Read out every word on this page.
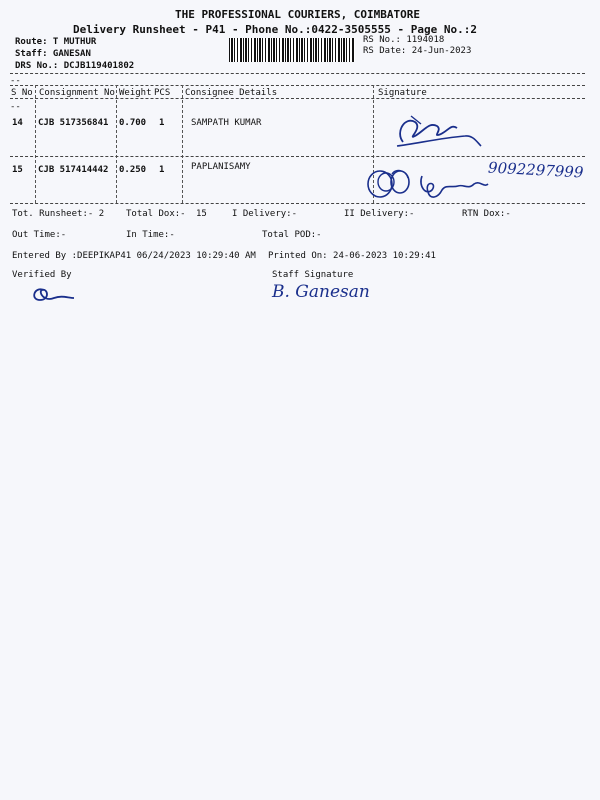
THE PROFESSIONAL COURIERS, COIMBATORE
Delivery Runsheet - P41 - Phone No.:0422-3505555 - Page No.:2
Route: T MUTHUR
Staff: GANESAN
DRS No.: DCJB119401802
RS No.: 1194018
RS Date: 24-Jun-2023
--
S No Consignment No Weight PCS Consignee Details	Signature
--
14 CJB 517356841 0.700 1	SAMPATH KUMAR
15 CJB 517414442 0.250 1	PAPLANISAMY	9092297999
Tot. Runsheet:- 2 Total Dox:- 15	I Delivery:-	II Delivery:-	RTN Dox:-
Out Time:-	In Time:-	Total POD:-
Entered By :DEEPIKAP41 06/24/2023 10:29:40 AM Printed On: 24-06-2023 10:29:41
Verified By	Staff Signature
B. Ganesan
